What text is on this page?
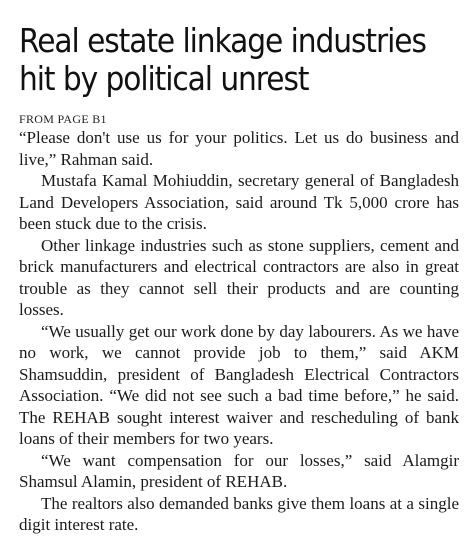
Real estate linkage industries
hit by political unrest
FROM PAGE B1

“Please don't use us for your politics. Let us do business and live,” Rahman said.

Mustafa Kamal Mohiuddin, secretary general of Bangladesh Land Developers Association, said around Tk 5,000 crore has been stuck due to the crisis.

Other linkage industries such as stone suppliers, cement and brick manufacturers and electrical contractors are also in great trouble as they cannot sell their products and are counting losses.

“We usually get our work done by day labourers. As we have no work, we cannot provide job to them,” said AKM Shamsuddin, president of Bangladesh Electrical Contractors Association. “We did not see such a bad time before,” he said. The REHAB sought interest waiver and rescheduling of bank loans of their members for two years.

“We want compensation for our losses,” said Alamgir Shamsul Alamin, president of REHAB.

The realtors also demanded banks give them loans at a single digit interest rate.
